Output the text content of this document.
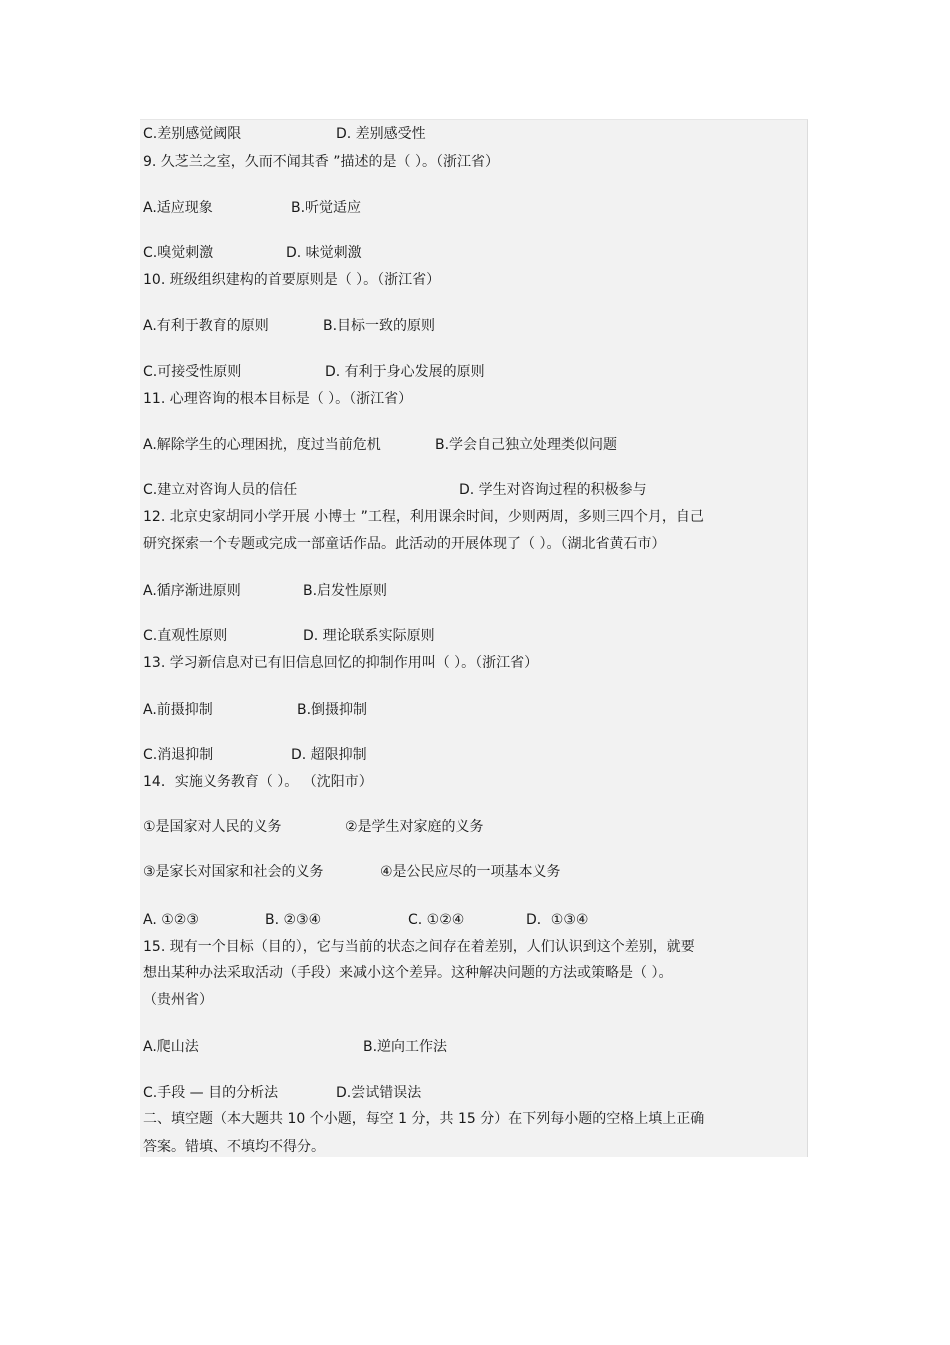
C.差别感觉阈限	D. 差别感受性

9. 久芝兰之室，久而不闻其香 ”描述的是（ ）。（浙江省）

A.适应现象	B.听觉适应

C.嗅觉刺激	D. 味觉刺激

10. 班级组织建构的首要原则是（ ）。（浙江省）

A.有利于教育的原则	B.目标一致的原则

C.可接受性原则	D. 有利于身心发展的原则

11. 心理咨询的根本目标是（ ）。（浙江省）

A.解除学生的心理困扰，度过当前危机	B.学会自己独立处理类似问题

C.建立对咨询人员的信任	D. 学生对咨询过程的积极参与

12. 北京史家胡同小学开展 小博士 ”工程，利用课余时间，少则两周，多则三四个月，自己

研究探索一个专题或完成一部童话作品。此活动的开展体现了（ ）。（湖北省黄石市）

A.循序渐进原则	B.启发性原则

C.直观性原则	D. 理论联系实际原则

13. 学习新信息对已有旧信息回忆的抑制作用叫（ ）。（浙江省）

A.前摄抑制	B.倒摄抑制

C.消退抑制	D. 超限抑制

14．实施义务教育（ ）。 （沈阳市）

①是国家对人民的义务	②是学生对家庭的义务

③是家长对国家和社会的义务	④是公民应尽的一项基本义务

A. ①②③	B. ②③④	C. ①②④	D．①③④

15. 现有一个目标（目的），它与当前的状态之间存在着差别，人们认识到这个差别，就要

想出某种办法采取活动（手段）来减小这个差异。这种解决问题的方法或策略是（ ）。

（贵州省）

A.爬山法	B.逆向工作法

C.手段 — 目的分析法	D.尝试错误法

二、填空题（本大题共 10 个小题，每空 1 分，共 15 分）在下列每小题的空格上填上正确

答案。错填、不填均不得分。
